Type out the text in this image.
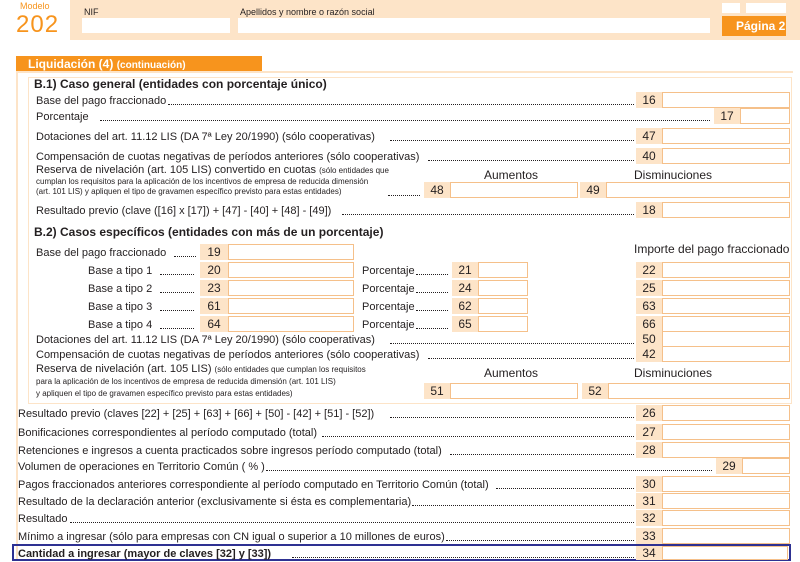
Modelo
202	NIF	Apellidos y nombre o razón social
Página 2
Liquidación (4) (continuación)
B.1) Caso general (entidades con porcentaje único)
Base del pago fraccionado	16
Porcentaje	17
Dotaciones del art. 11.12 LIS (DA 7ª Ley 20/1990) (sólo cooperativas)	47
Compensación de cuotas negativas de períodos anteriores (sólo cooperativas)	40
Reserva de nivelación (art. 105 LIS) convertido en cuotas (sólo entidades que
cumplan los requisitos para la aplicación de los incentivos de empresa de reducida dimensión
(art. 101 LIS) y apliquen el tipo de gravamen específico previsto para estas entidades)
Aumentos	Disminuciones
48	49
Resultado previo (clave ([16] x [17]) + [47] - [40] + [48] - [49])	18
B.2) Casos específicos (entidades con más de un porcentaje)
Base del pago fraccionado	19	Importe del pago fraccionado
Base a tipo 1	20	Porcentaje	21	22
Base a tipo 2	23	Porcentaje	24	25
Base a tipo 3	61	Porcentaje	62	63
Base a tipo 4	64	Porcentaje	65	66
Dotaciones del art. 11.12 LIS (DA 7ª Ley 20/1990) (sólo cooperativas)	50
Compensación de cuotas negativas de períodos anteriores (sólo cooperativas)	42
Reserva de nivelación (art. 105 LIS) (sólo entidades que cumplan los requisitos
para la aplicación de los incentivos de empresa de reducida dimensión (art. 101 LIS)
y apliquen el tipo de gravamen específico previsto para estas entidades)
Aumentos	Disminuciones
51	52
Resultado previo (claves [22] + [25] + [63] + [66] + [50] - [42] + [51] - [52])	26
Bonificaciones correspondientes al período computado (total)	27
Retenciones e ingresos a cuenta practicados sobre ingresos período computado (total)	28
Volumen de operaciones en Territorio Común ( % )	29
Pagos fraccionados anteriores correspondiente al período computado en Territorio Común (total)	30
Resultado de la declaración anterior (exclusivamente si ésta es complementaria)	31
Resultado	32
Mínimo a ingresar (sólo para empresas con CN igual o superior a 10 millones de euros)	33
Cantidad a ingresar (mayor de claves [32] y [33])	34
